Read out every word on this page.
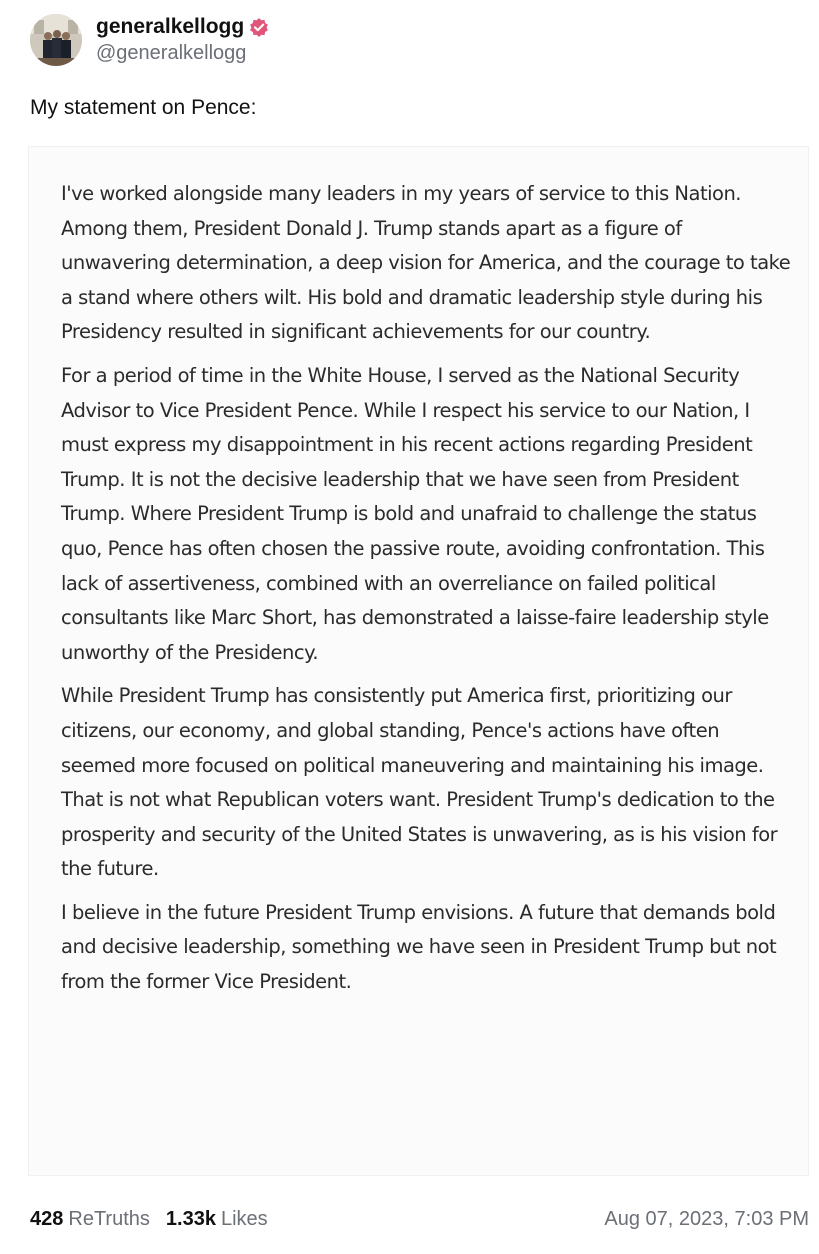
generalkellogg
@generalkellogg
My statement on Pence:

I've worked alongside many leaders in my years of service to this Nation. Among them, President Donald J. Trump stands apart as a figure of unwavering determination, a deep vision for America, and the courage to take a stand where others wilt. His bold and dramatic leadership style during his Presidency resulted in significant achievements for our country.

For a period of time in the White House, I served as the National Security Advisor to Vice President Pence. While I respect his service to our Nation, I must express my disappointment in his recent actions regarding President Trump. It is not the decisive leadership that we have seen from President Trump. Where President Trump is bold and unafraid to challenge the status quo, Pence has often chosen the passive route, avoiding confrontation. This lack of assertiveness, combined with an overreliance on failed political consultants like Marc Short, has demonstrated a laisse-faire leadership style unworthy of the Presidency.

While President Trump has consistently put America first, prioritizing our citizens, our economy, and global standing, Pence's actions have often seemed more focused on political maneuvering and maintaining his image. That is not what Republican voters want. President Trump's dedication to the prosperity and security of the United States is unwavering, as is his vision for the future.

I believe in the future President Trump envisions. A future that demands bold and decisive leadership, something we have seen in President Trump but not from the former Vice President.

428 ReTruths 1.33k Likes	Aug 07, 2023, 7:03 PM
